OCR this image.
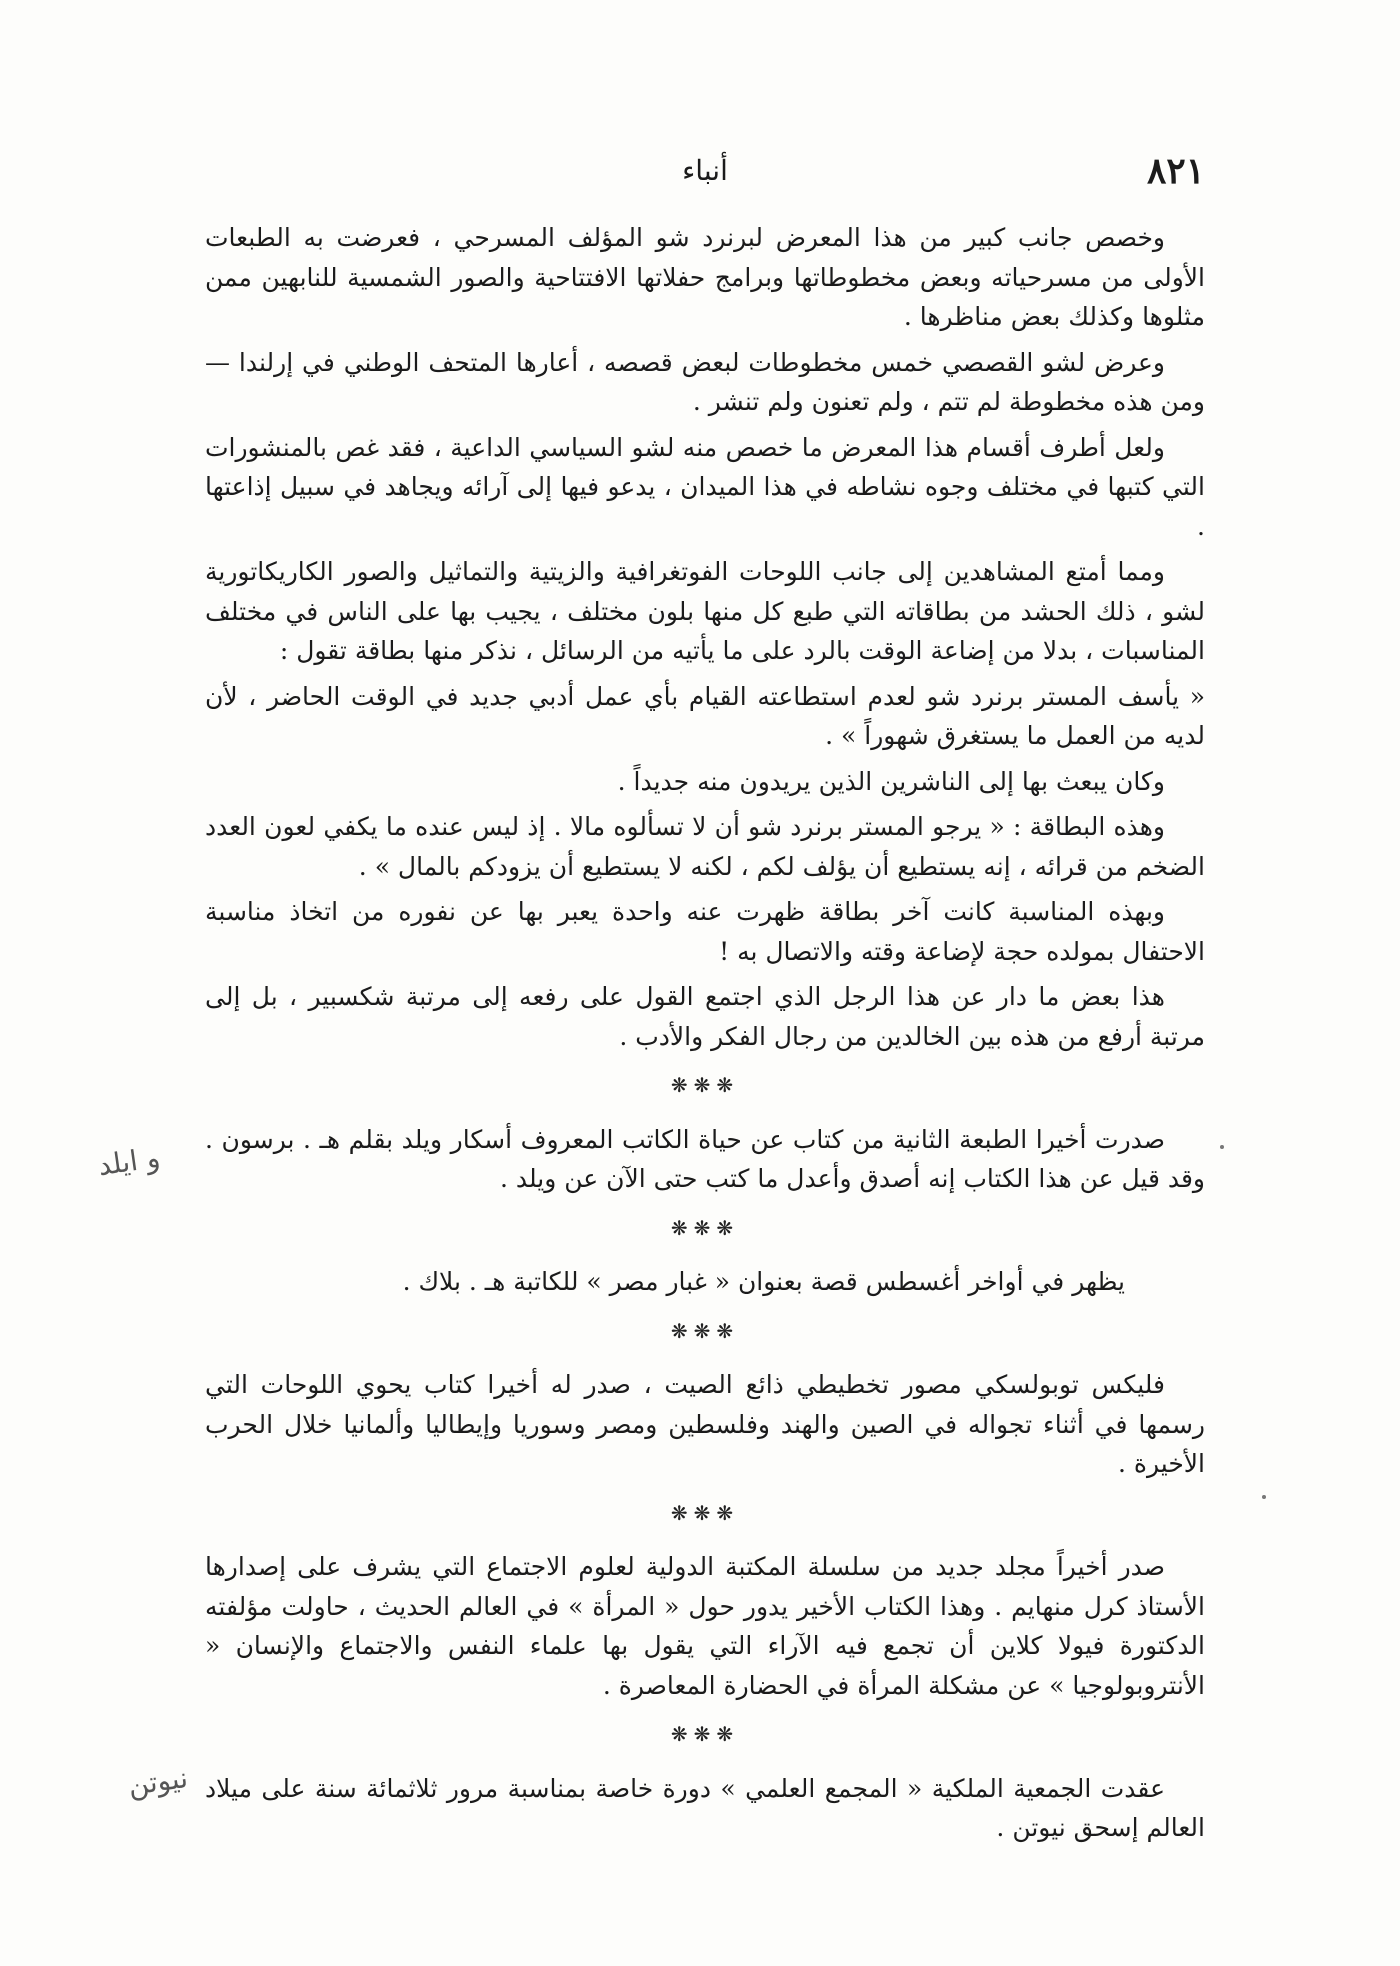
٨٢١
أنباء

وخصص جانب كبير من هذا المعرض لبرنرد شو المؤلف المسرحي ، فعرضت به الطبعات الأولى من مسرحياته وبعض مخطوطاتها وبرامج حفلاتها الافتتاحية والصور الشمسية للنابهين ممن مثلوها وكذلك بعض مناظرها .

وعرض لشو القصصي خمس مخطوطات لبعض قصصه ، أعارها المتحف الوطني في إرلندا — ومن هذه مخطوطة لم تتم ، ولم تعنون ولم تنشر .

ولعل أطرف أقسام هذا المعرض ما خصص منه لشو السياسي الداعية ، فقد غص بالمنشورات التي كتبها في مختلف وجوه نشاطه في هذا الميدان ، يدعو فيها إلى آرائه ويجاهد في سبيل إذاعتها .

ومما أمتع المشاهدين إلى جانب اللوحات الفوتغرافية والزيتية والتماثيل والصور الكاريكاتورية لشو ، ذلك الحشد من بطاقاته التي طبع كل منها بلون مختلف ، يجيب بها على الناس في مختلف المناسبات ، بدلا من إضاعة الوقت بالرد على ما يأتيه من الرسائل ، نذكر منها بطاقة تقول :

« يأسف المستر برنرد شو لعدم استطاعته القيام بأي عمل أدبي جديد في الوقت الحاضر ، لأن لديه من العمل ما يستغرق شهوراً » .

وكان يبعث بها إلى الناشرين الذين يريدون منه جديداً .

وهذه البطاقة : « يرجو المستر برنرد شو أن لا تسألوه مالا . إذ ليس عنده ما يكفي لعون العدد الضخم من قرائه ، إنه يستطيع أن يؤلف لكم ، لكنه لا يستطيع أن يزودكم بالمال » .

وبهذه المناسبة كانت آخر بطاقة ظهرت عنه واحدة يعبر بها عن نفوره من اتخاذ مناسبة الاحتفال بمولده حجة لإضاعة وقته والاتصال به !

هذا بعض ما دار عن هذا الرجل الذي اجتمع القول على رفعه إلى مرتبة شكسبير ، بل إلى مرتبة أرفع من هذه بين الخالدين من رجال الفكر والأدب .

❋❋❋

صدرت أخيرا الطبعة الثانية من كتاب عن حياة الكاتب المعروف أسكار ويلد بقلم هـ . برسون . وقد قيل عن هذا الكتاب إنه أصدق وأعدل ما كتب حتى الآن عن ويلد .

❋❋❋

يظهر في أواخر أغسطس قصة بعنوان « غبار مصر » للكاتبة هـ . بلاك .

❋❋❋

فليكس توبولسكي مصور تخطيطي ذائع الصيت ، صدر له أخيرا كتاب يحوي اللوحات التي رسمها في أثناء تجواله في الصين والهند وفلسطين ومصر وسوريا وإيطاليا وألمانيا خلال الحرب الأخيرة .

❋❋❋

صدر أخيراً مجلد جديد من سلسلة المكتبة الدولية لعلوم الاجتماع التي يشرف على إصدارها الأستاذ كرل منهايم . وهذا الكتاب الأخير يدور حول « المرأة » في العالم الحديث ، حاولت مؤلفته الدكتورة فيولا كلاين أن تجمع فيه الآراء التي يقول بها علماء النفس والاجتماع والإنسان « الأنتروبولوجيا » عن مشكلة المرأة في الحضارة المعاصرة .

❋❋❋

عقدت الجمعية الملكية « المجمع العلمي » دورة خاصة بمناسبة مرور ثلاثمائة سنة على ميلاد العالم إسحق نيوتن .

و ايلد
نيوتن
